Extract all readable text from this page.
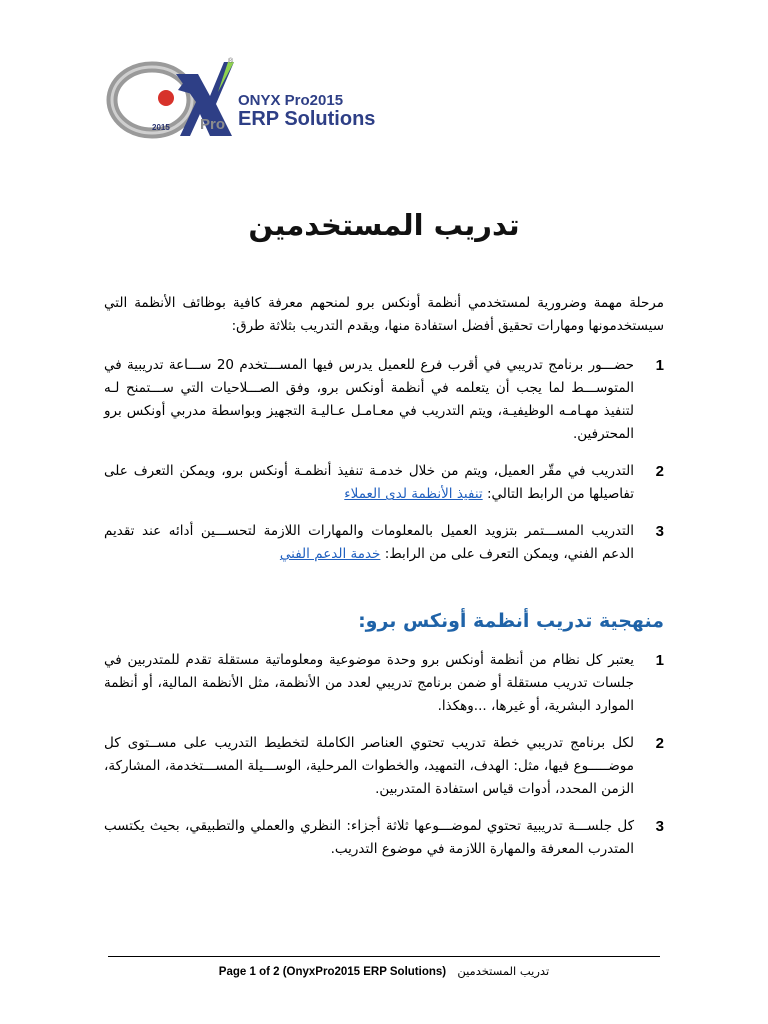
®
2015 Pro
ONYX Pro2015
ERP Solutions
تدريب المستخدمين

مرحلة مهمة وضرورية لمستخدمي أنظمة أونكس برو لمنحهم معرفة كافية بوظائف الأنظمة التي سيستخدمونها ومهارات تحقيق أفضل استفادة منها، ويقدم التدريب بثلاثة طرق:

1
حضـــور برنامج تدريبي في أقرب فرع للعميل يدرس فيها المســـتخدم 20 ســـاعة تدريبية في المتوســـط لما يجب أن يتعلمه في أنظمة أونكس برو، وفق الصـــلاحيات التي ســـتمنح لـه لتنفيذ مهـامـه الوظيفيـة، ويتم التدريب في معـامـل عـاليـة التجهيز وبواسطة مدربي أونكس برو المحترفين.
2
التدريب في مقّر العميل، ويتم من خلال خدمـة تنفيذ أنظمـة أونكس برو، ويمكن التعرف على تفاصيلها من الرابط التالي: تنفيذ الأنظمة لدى العملاء
3
التدريب المســـتمر بتزويد العميل بالمعلومات والمهارات اللازمة لتحســـين أدائه عند تقديم الدعم الفني، ويمكن التعرف على من الرابط: خدمة الدعم الفني
منهجية تدريب أنظمة أونكس برو:
1
يعتبر كل نظام من أنظمة أونكس برو وحدة موضوعية ومعلوماتية مستقلة تقدم للمتدربين في جلسات تدريب مستقلة أو ضمن برنامج تدريبي لعدد من الأنظمة، مثل الأنظمة المالية، أو أنظمة الموارد البشرية، أو غيرها، ...وهكذا.
2
لكل برنامج تدريبي خطة تدريب تحتوي العناصر الكاملة لتخطيط التدريب على مســتوى كل موضـــــوع فيها، مثل: الهدف، التمهيد، والخطوات المرحلية، الوســـيلة المســـتخدمة، المشاركة، الزمن المحدد، أدوات قياس استفادة المتدربين.
3
كل جلســـة تدريبية تحتوي لموضـــوعها ثلاثة أجزاء: النظري والعملي والتطبيقي، بحيث يكتسب المتدرب المعرفة والمهارة اللازمة في موضوع التدريب.
Page 1 of 2 (OnyxPro2015 ERP Solutions) تدريب المستخدمين
